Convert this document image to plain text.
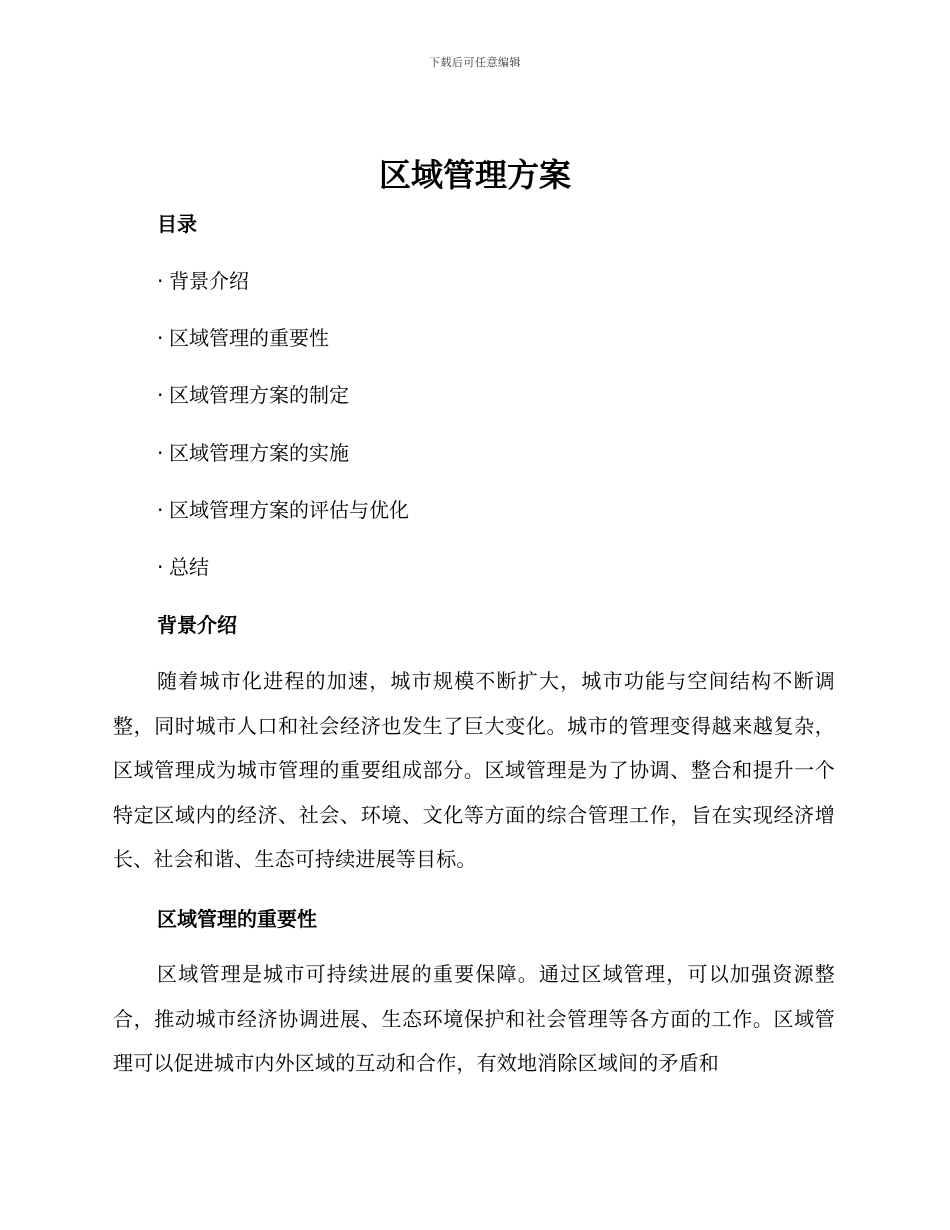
下载后可任意编辑
区域管理方案
目录
· 背景介绍
· 区域管理的重要性
· 区域管理方案的制定
· 区域管理方案的实施
· 区域管理方案的评估与优化
· 总结
背景介绍

随着城市化进程的加速，城市规模不断扩大，城市功能与空间结构不断调整，同时城市人口和社会经济也发生了巨大变化。城市的管理变得越来越复杂，区域管理成为城市管理的重要组成部分。区域管理是为了协调、整合和提升一个特定区域内的经济、社会、环境、文化等方面的综合管理工作，旨在实现经济增长、社会和谐、生态可持续进展等目标。

区域管理的重要性

区域管理是城市可持续进展的重要保障。通过区域管理，可以加强资源整合，推动城市经济协调进展、生态环境保护和社会管理等各方面的工作。区域管理可以促进城市内外区域的互动和合作，有效地消除区域间的矛盾和
